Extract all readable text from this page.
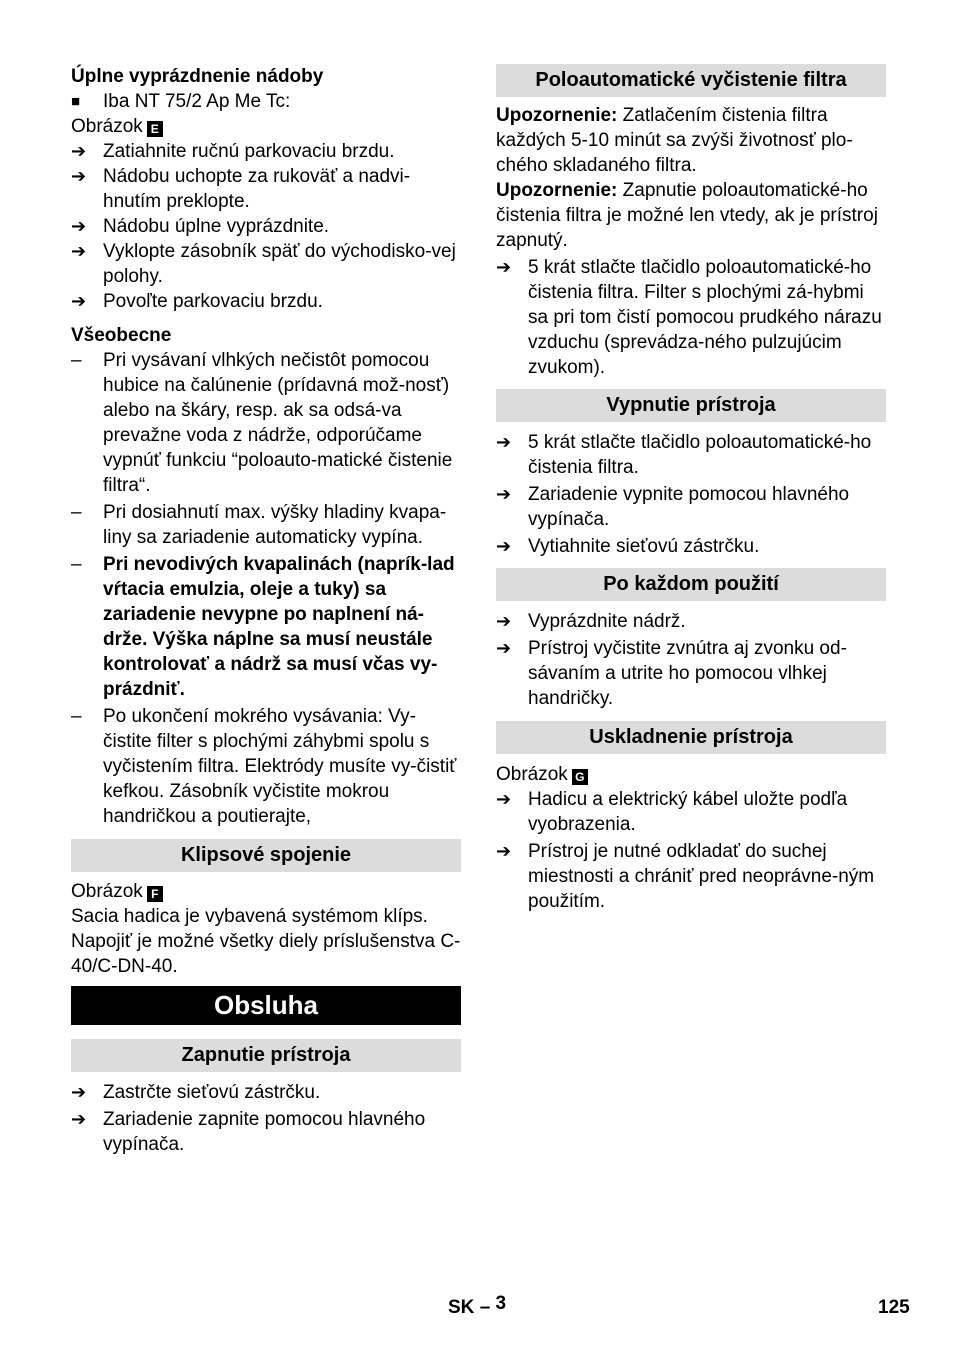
Úplne vyprázdnenie nádoby

■	Iba NT 75/2 Ap Me Tc:

Obrázok E

➔ Zatiahnite ručnú parkovaciu brzdu.
➔ Nádobu uchopte za rukoväť a nadvi-hnutím preklopte.
➔ Nádobu úplne vyprázdnite.
➔ Vyklopte zásobník späť do východisko-vej polohy.
➔ Povoľte parkovaciu brzdu.

Všeobecne

–	Pri vysávaní vlhkých nečistôt pomocou hubice na čalúnenie (prídavná mož-nosť) alebo na škáry, resp. ak sa odsá-va prevažne voda z nádrže, odporúčame vypnúť funkciu “poloauto-matické čistenie filtra“.
–	Pri dosiahnutí max. výšky hladiny kvapa-liny sa zariadenie automaticky vypína.
–	Pri nevodivých kvapalinách (naprík-lad vŕtacia emulzia, oleje a tuky) sa zariadenie nevypne po naplnení ná-drže. Výška náplne sa musí neustále kontrolovať a nádrž sa musí včas vy-prázdniť.
–	Po ukončení mokrého vysávania: Vy-čistite filter s plochými záhybmi spolu s vyčistením filtra. Elektródy musíte vy-čistiť kefkou. Zásobník vyčistite mokrou handričkou a poutierajte,

Klipsové spojenie

Obrázok F

Sacia hadica je vybavená systémom klíps. Napojiť je možné všetky diely príslušenstva C-40/C-DN-40.

Obsluha

Zapnutie prístroja

➔ Zastrčte sieťovú zástrčku.
➔ Zariadenie zapnite pomocou hlavného vypínača.

Poloautomatické vyčistenie filtra

Upozornenie: Zatlačením čistenia filtra každých 5-10 minút sa zvýši životnosť plo-chého skladaného filtra.

Upozornenie: Zapnutie poloautomatické-ho čistenia filtra je možné len vtedy, ak je prístroj zapnutý.

➔ 5 krát stlačte tlačidlo poloautomatické-ho čistenia filtra. Filter s plochými zá-hybmi sa pri tom čistí pomocou prudkého nárazu vzduchu (sprevádza-ného pulzujúcim zvukom).

Vypnutie prístroja

➔ 5 krát stlačte tlačidlo poloautomatické-ho čistenia filtra.
➔ Zariadenie vypnite pomocou hlavného vypínača.
➔ Vytiahnite sieťovú zástrčku.

Po každom použití

➔ Vyprázdnite nádrž.
➔ Prístroj vyčistite zvnútra aj zvonku od-sávaním a utrite ho pomocou vlhkej handričky.

Uskladnenie prístroja

Obrázok G

➔ Hadicu a elektrický kábel uložte podľa vyobrazenia.
➔ Prístroj je nutné odkladať do suchej miestnosti a chrániť pred neoprávne-ným použitím.
SK – 3	125
